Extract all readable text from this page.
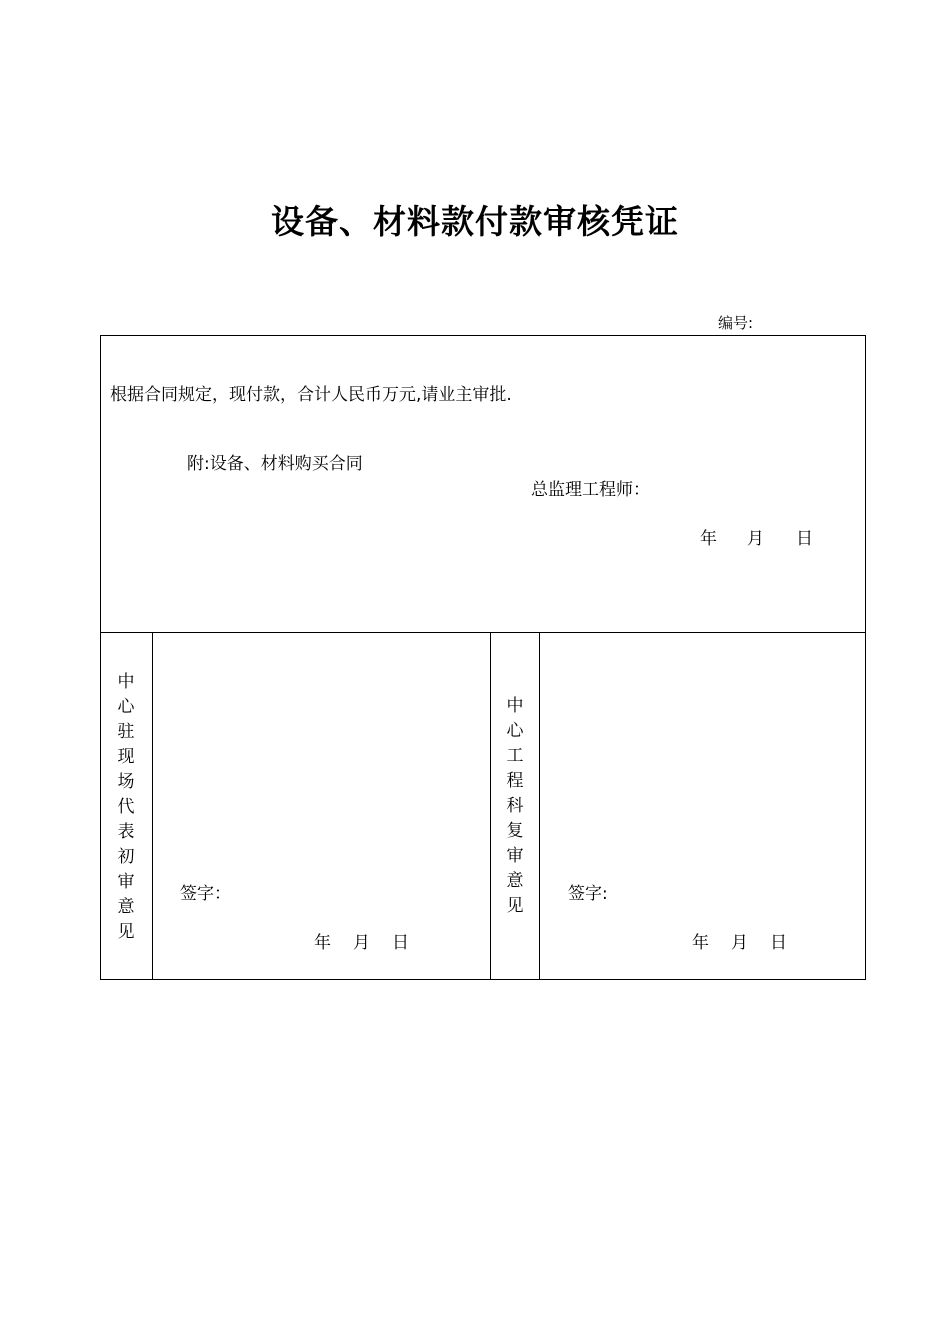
设备、材料款付款审核凭证
编号:
根据合同规定，现付款，合计人民币万元,请业主审批.
附:设备、材料购买合同
总监理工程师：
年 月 日
中
心
驻
现
场
代
表
初
审
意
见
签字：
年 月 日
中
心
工
程
科
复
审
意
见
签字:
年 月 日
